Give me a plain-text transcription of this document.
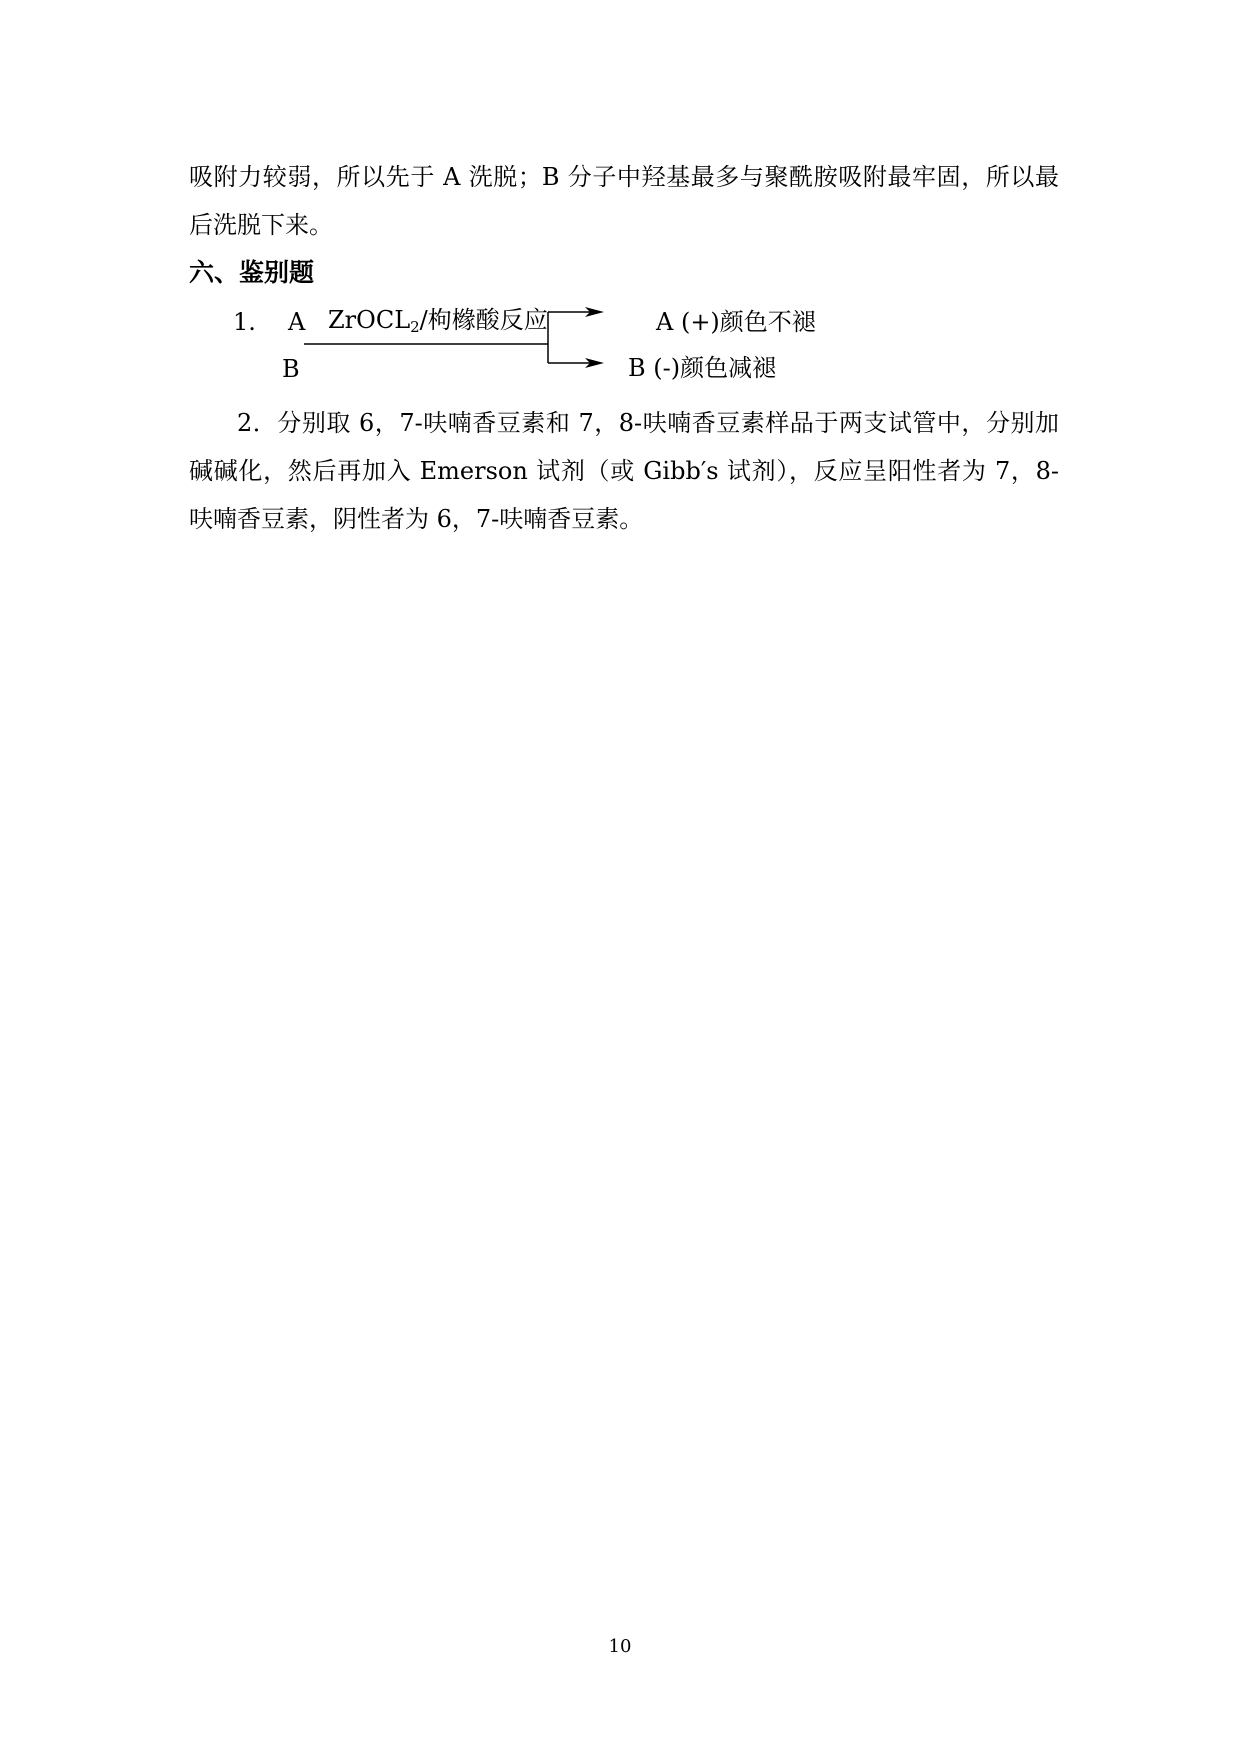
吸附力较弱，所以先于 A 洗脱；B 分子中羟基最多与聚酰胺吸附最牢固，所以最后洗脱下来。
六、鉴别题
1. A
B
ZrOCL$_2$/枸橼酸反应	A (+)颜色不褪
B (-)颜色减褪
2．分别取 6，7-呋喃香豆素和 7，8-呋喃香豆素样品于两支试管中，分别加碱碱化，然后再加入 Emerson 试剂（或 Gibb′s 试剂），反应呈阳性者为 7，8-呋喃香豆素，阴性者为 6，7-呋喃香豆素。
10
